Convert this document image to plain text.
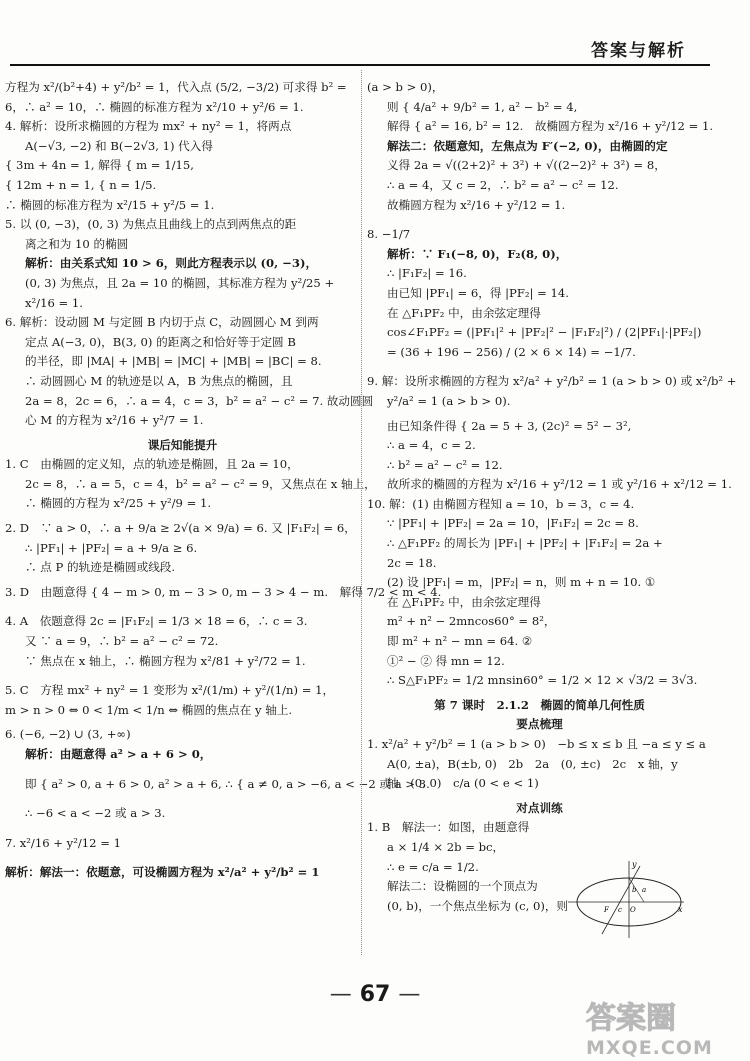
答案与解析
方程为 x²/(b²+4) + y²/b² = 1，代入点 (5/2, −3/2) 可求得 b² =
6，∴ a² = 10，∴ 椭圆的标准方程为 x²/10 + y²/6 = 1.
4. 解析：设所求椭圆的方程为 mx² + ny² = 1，将两点
A(−√3, −2) 和 B(−2√3, 1) 代入得
{ 3m + 4n = 1, 解得 { m = 1/15,
{ 12m + n = 1, { n = 1/5.
∴ 椭圆的标准方程为 x²/15 + y²/5 = 1.
5. 以 (0, −3)，(0, 3) 为焦点且曲线上的点到两焦点的距
离之和为 10 的椭圆
解析：由关系式知 10 > 6，则此方程表示以 (0, −3)，
(0, 3) 为焦点，且 2a = 10 的椭圆，其标准方程为 y²/25 +
x²/16 = 1.
6. 解析：设动圆 M 与定圆 B 内切于点 C，动圆圆心 M 到两
定点 A(−3, 0)，B(3, 0) 的距离之和恰好等于定圆 B
的半径，即 |MA| + |MB| = |MC| + |MB| = |BC| = 8.
∴ 动圆圆心 M 的轨迹是以 A，B 为焦点的椭圆，且
2a = 8，2c = 6，∴ a = 4，c = 3，b² = a² − c² = 7. 故动圆圆
心 M 的方程为 x²/16 + y²/7 = 1.
课后知能提升
1. C　由椭圆的定义知，点的轨迹是椭圆，且 2a = 10，
2c = 8，∴ a = 5，c = 4，b² = a² − c² = 9，又焦点在 x 轴上，
∴ 椭圆的方程为 x²/25 + y²/9 = 1.
2. D　∵ a > 0，∴ a + 9/a ≥ 2√(a × 9/a) = 6. 又 |F₁F₂| = 6，
∴ |PF₁| + |PF₂| = a + 9/a ≥ 6.
∴ 点 P 的轨迹是椭圆或线段.
3. D　由题意得 { 4 − m > 0, m − 3 > 0, m − 3 > 4 − m.　解得 7/2 < m < 4.
4. A　依题意得 2c = |F₁F₂| = 1/3 × 18 = 6，∴ c = 3.
又 ∵ a = 9，∴ b² = a² − c² = 72.
∵ 焦点在 x 轴上，∴ 椭圆方程为 x²/81 + y²/72 = 1.
5. C　方程 mx² + ny² = 1 变形为 x²/(1/m) + y²/(1/n) = 1，
m > n > 0 ⇔ 0 < 1/m < 1/n ⇔ 椭圆的焦点在 y 轴上.
6. (−6, −2) ∪ (3, +∞)
解析：由题意得 a² > a + 6 > 0，
即 { a² > 0, a + 6 > 0, a² > a + 6, ∴ { a ≠ 0, a > −6, a < −2 或 a > 3.
∴ −6 < a < −2 或 a > 3.
7. x²/16 + y²/12 = 1
解析：解法一：依题意，可设椭圆方程为 x²/a² + y²/b² = 1
(a > b > 0)，
则 { 4/a² + 9/b² = 1, a² − b² = 4,
解得 { a² = 16, b² = 12.　故椭圆方程为 x²/16 + y²/12 = 1.
解法二：依题意知，左焦点为 F′(−2, 0)，由椭圆的定
义得 2a = √((2+2)² + 3²) + √((2−2)² + 3²) = 8，
∴ a = 4，又 c = 2，∴ b² = a² − c² = 12.
故椭圆方程为 x²/16 + y²/12 = 1.
8. −1/7
解析：∵ F₁(−8, 0)，F₂(8, 0)，
∴ |F₁F₂| = 16.
由已知 |PF₁| = 6，得 |PF₂| = 14.
在 △F₁PF₂ 中，由余弦定理得
cos∠F₁PF₂ = (|PF₁|² + |PF₂|² − |F₁F₂|²) / (2|PF₁|·|PF₂|)
= (36 + 196 − 256) / (2 × 6 × 14) = −1/7.
9. 解：设所求椭圆的方程为 x²/a² + y²/b² = 1 (a > b > 0) 或 x²/b² +
y²/a² = 1 (a > b > 0).
由已知条件得 { 2a = 5 + 3, (2c)² = 5² − 3²,
∴ a = 4，c = 2.
∴ b² = a² − c² = 12.
故所求的椭圆的方程为 x²/16 + y²/12 = 1 或 y²/16 + x²/12 = 1.
10. 解：(1) 由椭圆方程知 a = 10，b = 3，c = 4.
∵ |PF₁| + |PF₂| = 2a = 10，|F₁F₂| = 2c = 8.
∴ △F₁PF₂ 的周长为 |PF₁| + |PF₂| + |F₁F₂| = 2a +
2c = 18.
(2) 设 |PF₁| = m，|PF₂| = n，则 m + n = 10. ①
在 △F₁PF₂ 中，由余弦定理得
m² + n² − 2mncos60° = 8²，
即 m² + n² − mn = 64. ②
①² − ② 得 mn = 12.
∴ S△F₁PF₂ = 1/2 mnsin60° = 1/2 × 12 × √3/2 = 3√3.
第 7 课时　2.1.2　椭圆的简单几何性质
要点梳理
1. x²/a² + y²/b² = 1 (a > b > 0)　−b ≤ x ≤ b 且 −a ≤ y ≤ a
A(0, ±a)，B(±b, 0)　2b　2a　(0, ±c)　2c　x 轴，y
轴　(0, 0)　c/a (0 < e < 1)
对点训练
1. B　解法一：如图，由题意得
a × 1/4 × 2b = bc，
∴ e = c/a = 1/2.
解法二：设椭圆的一个顶点为
(0, b)，一个焦点坐标为 (c, 0)，则
y
x
a
b
F c O
— 67 —
答案圈
MXQE.COM
